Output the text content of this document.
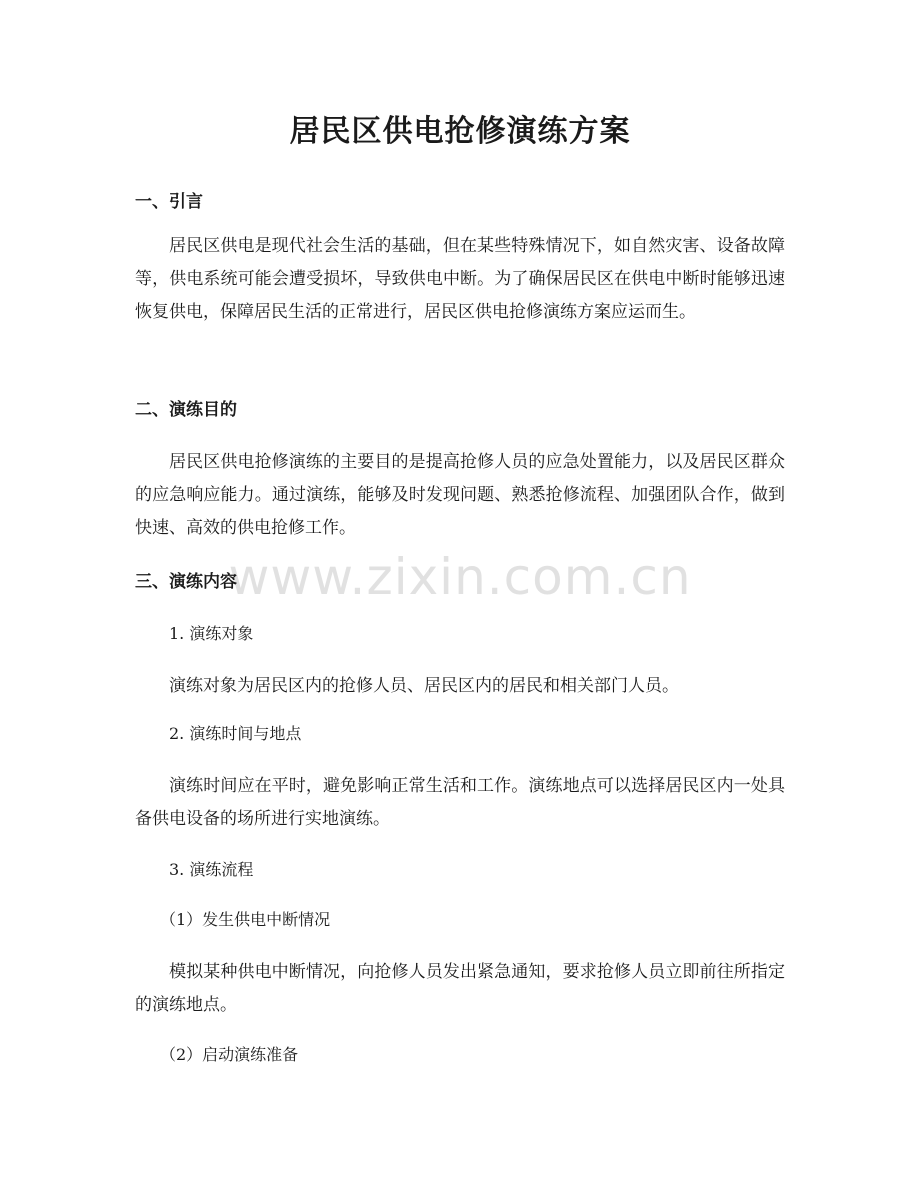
居民区供电抢修演练方案
一、引言

居民区供电是现代社会生活的基础，但在某些特殊情况下，如自然灾害、设备故障等，供电系统可能会遭受损坏，导致供电中断。为了确保居民区在供电中断时能够迅速恢复供电，保障居民生活的正常进行，居民区供电抢修演练方案应运而生。

二、演练目的

居民区供电抢修演练的主要目的是提高抢修人员的应急处置能力，以及居民区群众的应急响应能力。通过演练，能够及时发现问题、熟悉抢修流程、加强团队合作，做到快速、高效的供电抢修工作。

www.zixin.com.cn
三、演练内容
1. 演练对象

演练对象为居民区内的抢修人员、居民区内的居民和相关部门人员。

2. 演练时间与地点

演练时间应在平时，避免影响正常生活和工作。演练地点可以选择居民区内一处具备供电设备的场所进行实地演练。

3. 演练流程
（1）发生供电中断情况

模拟某种供电中断情况，向抢修人员发出紧急通知，要求抢修人员立即前往所指定的演练地点。

（2）启动演练准备
